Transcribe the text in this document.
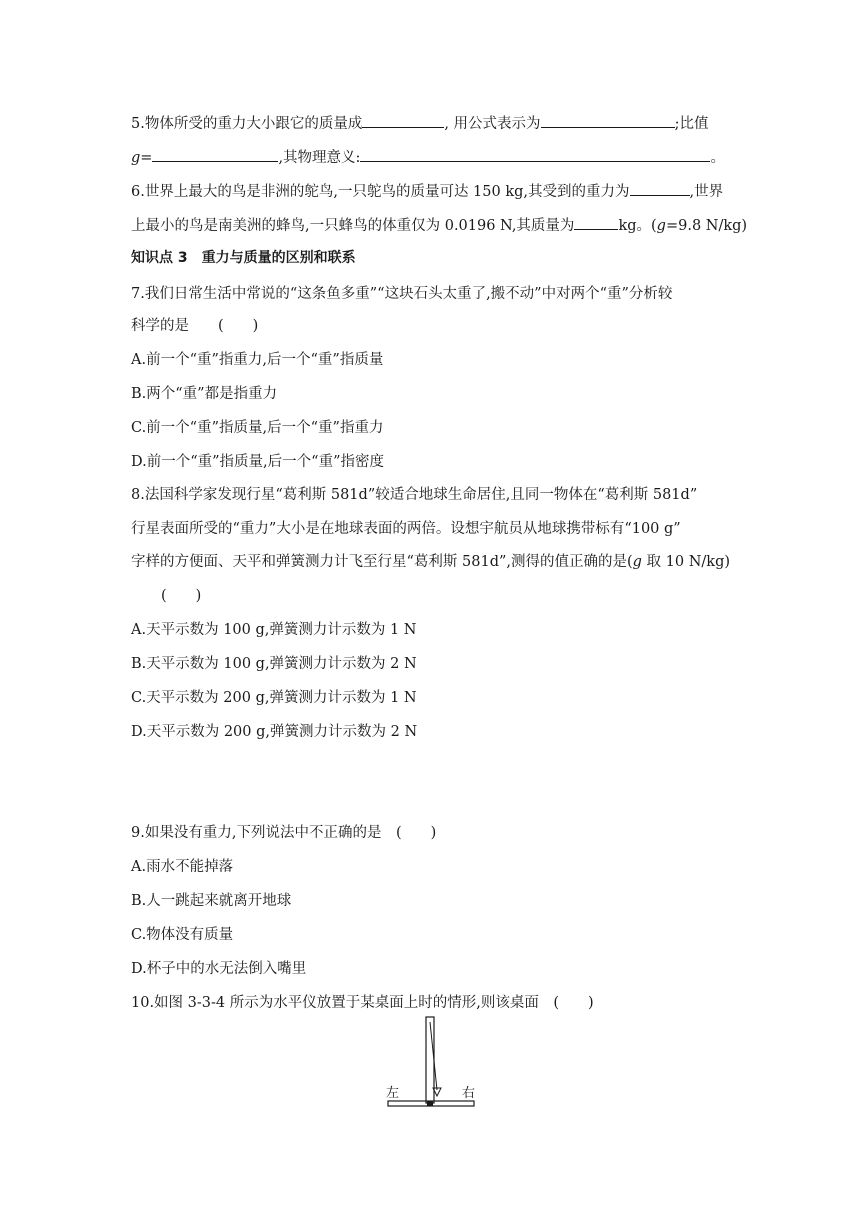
5.物体所受的重力大小跟它的质量成	, 用公式表示为	;比值
g=	,其物理意义:	。
6.世界上最大的鸟是非洲的鸵鸟,一只鸵鸟的质量可达 150 kg,其受到的重力为	,世界
上最小的鸟是南美洲的蜂鸟,一只蜂鸟的体重仅为 0.0196 N,其质量为	kg。(g=9.8 N/kg)
知识点 3　重力与质量的区别和联系
7.我们日常生活中常说的“这条鱼多重”“这块石头太重了,搬不动”中对两个“重”分析较
科学的是　　(　　)
A.前一个“重”指重力,后一个“重”指质量
B.两个“重”都是指重力
C.前一个“重”指质量,后一个“重”指重力
D.前一个“重”指质量,后一个“重”指密度
8.法国科学家发现行星“葛利斯 581d”较适合地球生命居住,且同一物体在“葛利斯 581d”
行星表面所受的“重力”大小是在地球表面的两倍。设想宇航员从地球携带标有“100 g”
字样的方便面、天平和弹簧测力计飞至行星“葛利斯 581d”,测得的值正确的是(g 取 10 N/kg)
(　　)
A.天平示数为 100 g,弹簧测力计示数为 1 N
B.天平示数为 100 g,弹簧测力计示数为 2 N
C.天平示数为 200 g,弹簧测力计示数为 1 N
D.天平示数为 200 g,弹簧测力计示数为 2 N
9.如果没有重力,下列说法中不正确的是　(　　)
A.雨水不能掉落
B.人一跳起来就离开地球
C.物体没有质量
D.杯子中的水无法倒入嘴里
10.如图 3-3-4 所示为水平仪放置于某桌面上时的情形,则该桌面　(　　)
左	右
